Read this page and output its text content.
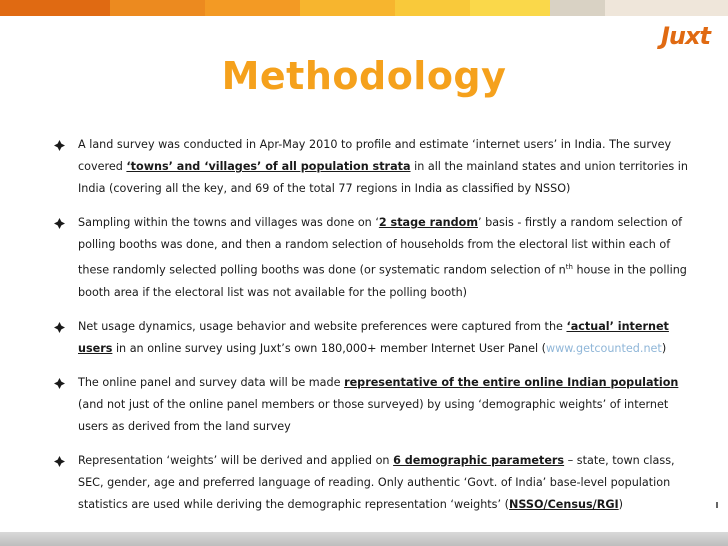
Juxt
Methodology
A land survey was conducted in Apr-May 2010 to profile and estimate ‘internet users’ in India. The survey covered ‘towns’ and ‘villages’ of all population strata in all the mainland states and union territories in India (covering all the key, and 69 of the total 77 regions in India as classified by NSSO)
Sampling within the towns and villages was done on ‘2 stage random’ basis - firstly a random selection of polling booths was done, and then a random selection of households from the electoral list within each of these randomly selected polling booths was done (or systematic random selection of $n^{th}$ house in the polling booth area if the electoral list was not available for the polling booth)
Net usage dynamics, usage behavior and website preferences were captured from the ‘actual’ internet users in an online survey using Juxt’s own 180,000+ member Internet User Panel (www.getcounted.net)
The online panel and survey data will be made representative of the entire online Indian population (and not just of the online panel members or those surveyed) by using ‘demographic weights’ of internet users as derived from the land survey
Representation ‘weights’ will be derived and applied on 6 demographic parameters – state, town class, SEC, gender, age and preferred language of reading. Only authentic ‘Govt. of India’ base-level population statistics are used while deriving the demographic representation ‘weights’ (NSSO/Census/RGI)
